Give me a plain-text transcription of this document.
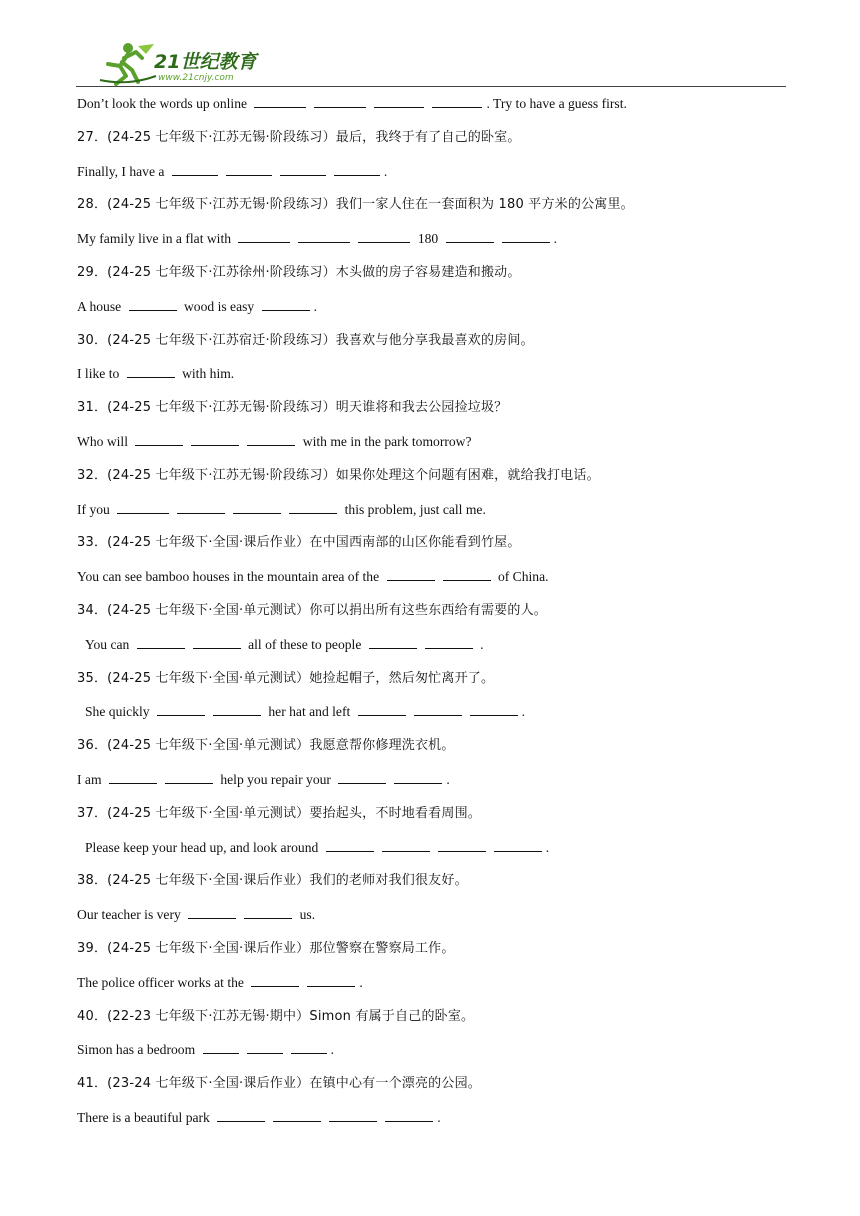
21世纪教育
www.21cnjy.com
Don’t look the words up online	. Try to have a guess first.
27．(24-25 七年级下·江苏无锡·阶段练习）最后，我终于有了自己的卧室。
Finally, I have a	.
28．(24-25 七年级下·江苏无锡·阶段练习）我们一家人住在一套面积为 180 平方米的公寓里。
My family live in a flat with	180	.
29．(24-25 七年级下·江苏徐州·阶段练习）木头做的房子容易建造和搬动。
A house	wood is easy	.
30．(24-25 七年级下·江苏宿迁·阶段练习）我喜欢与他分享我最喜欢的房间。
I like to	with him.
31．(24-25 七年级下·江苏无锡·阶段练习）明天谁将和我去公园捡垃圾？
Who will	with me in the park tomorrow?
32．(24-25 七年级下·江苏无锡·阶段练习）如果你处理这个问题有困难，就给我打电话。
If you	this problem, just call me.
33．(24-25 七年级下·全国·课后作业）在中国西南部的山区你能看到竹屋。
You can see bamboo houses in the mountain area of the	of China.
34．(24-25 七年级下·全国·单元测试）你可以捐出所有这些东西给有需要的人。
You can	all of these to people	.
35．(24-25 七年级下·全国·单元测试）她捡起帽子，然后匆忙离开了。
She quickly	her hat and left	.
36．(24-25 七年级下·全国·单元测试）我愿意帮你修理洗衣机。
I am	help you repair your	.
37．(24-25 七年级下·全国·单元测试）要抬起头，不时地看看周围。
Please keep your head up, and look around	.
38．(24-25 七年级下·全国·课后作业）我们的老师对我们很友好。
Our teacher is very	us.
39．(24-25 七年级下·全国·课后作业）那位警察在警察局工作。
The police officer works at the	.
40．(22-23 七年级下·江苏无锡·期中）Simon 有属于自己的卧室。
Simon has a bedroom	.
41．(23-24 七年级下·全国·课后作业）在镇中心有一个漂亮的公园。
There is a beautiful park	.
